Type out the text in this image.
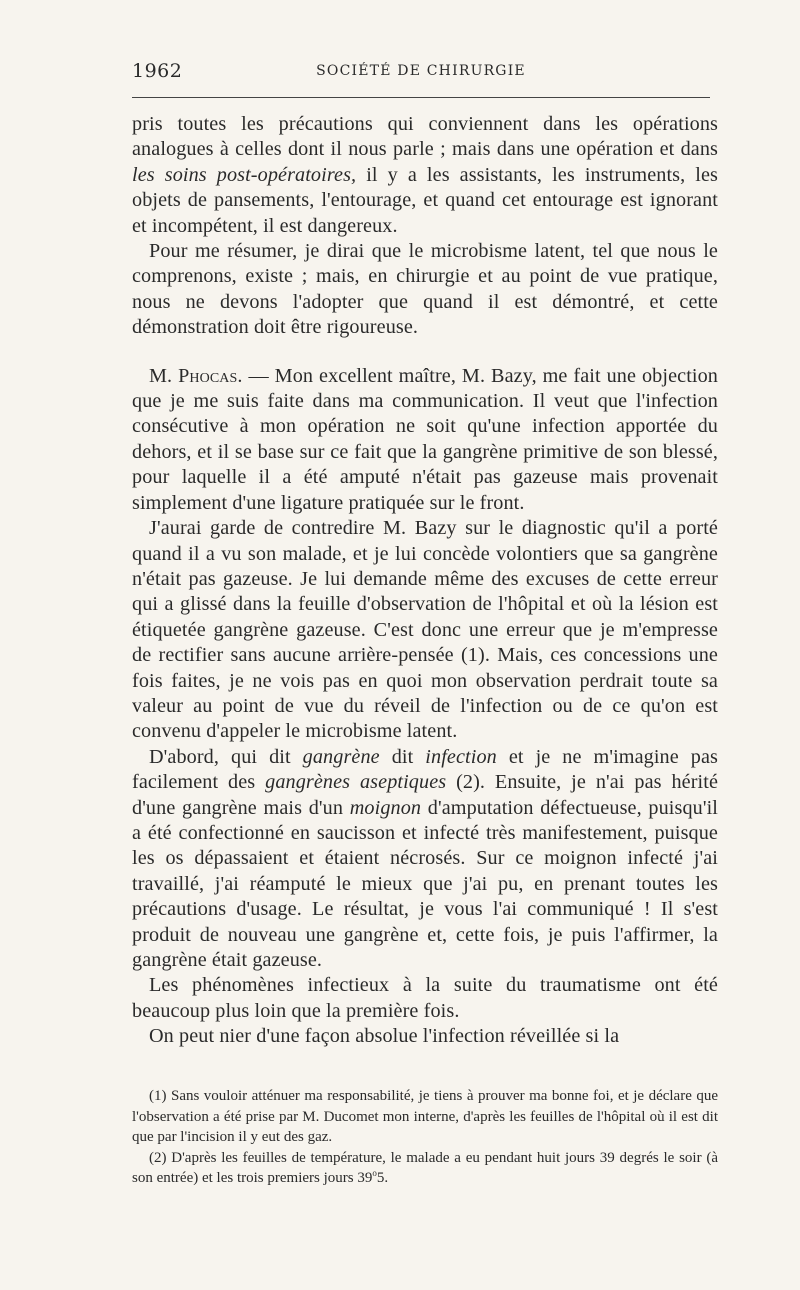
1962	SOCIÉTÉ DE CHIRURGIE

pris toutes les précautions qui conviennent dans les opérations analogues à celles dont il nous parle ; mais dans une opération et dans les soins post-opératoires, il y a les assistants, les instruments, les objets de pansements, l'entourage, et quand cet entourage est ignorant et incompétent, il est dangereux.

Pour me résumer, je dirai que le microbisme latent, tel que nous le comprenons, existe ; mais, en chirurgie et au point de vue pratique, nous ne devons l'adopter que quand il est démontré, et cette démonstration doit être rigoureuse.

M. Phocas. — Mon excellent maître, M. Bazy, me fait une objection que je me suis faite dans ma communication. Il veut que l'infection consécutive à mon opération ne soit qu'une infection apportée du dehors, et il se base sur ce fait que la gangrène primitive de son blessé, pour laquelle il a été amputé n'était pas gazeuse mais provenait simplement d'une ligature pratiquée sur le front.

J'aurai garde de contredire M. Bazy sur le diagnostic qu'il a porté quand il a vu son malade, et je lui concède volontiers que sa gangrène n'était pas gazeuse. Je lui demande même des excuses de cette erreur qui a glissé dans la feuille d'observation de l'hôpital et où la lésion est étiquetée gangrène gazeuse. C'est donc une erreur que je m'empresse de rectifier sans aucune arrière-pensée (1). Mais, ces concessions une fois faites, je ne vois pas en quoi mon observation perdrait toute sa valeur au point de vue du réveil de l'infection ou de ce qu'on est convenu d'appeler le microbisme latent.

D'abord, qui dit gangrène dit infection et je ne m'imagine pas facilement des gangrènes aseptiques (2). Ensuite, je n'ai pas hérité d'une gangrène mais d'un moignon d'amputation défectueuse, puisqu'il a été confectionné en saucisson et infecté très manifestement, puisque les os dépassaient et étaient nécrosés. Sur ce moignon infecté j'ai travaillé, j'ai réamputé le mieux que j'ai pu, en prenant toutes les précautions d'usage. Le résultat, je vous l'ai communiqué ! Il s'est produit de nouveau une gangrène et, cette fois, je puis l'affirmer, la gangrène était gazeuse.

Les phénomènes infectieux à la suite du traumatisme ont été beaucoup plus loin que la première fois.

On peut nier d'une façon absolue l'infection réveillée si la

(1) Sans vouloir atténuer ma responsabilité, je tiens à prouver ma bonne foi, et je déclare que l'observation a été prise par M. Ducomet mon interne, d'après les feuilles de l'hôpital où il est dit que par l'incision il y eut des gaz.

(2) D'après les feuilles de température, le malade a eu pendant huit jours 39 degrés le soir (à son entrée) et les trois premiers jours 39$^o$5.
